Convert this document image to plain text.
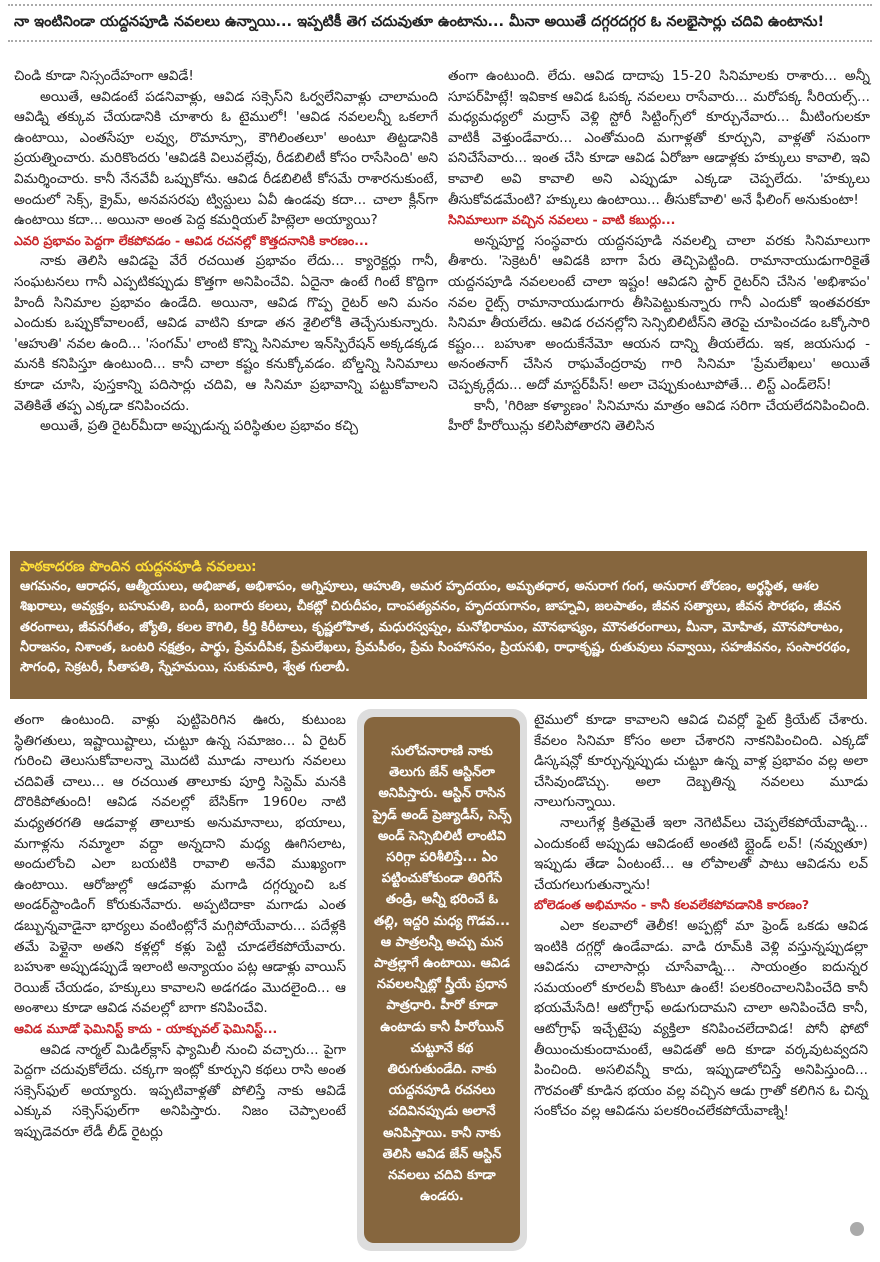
నా ఇంటినిండా యద్దనపూడి నవలలు ఉన్నాయి... ఇప్పటికీ తెగ చదువుతూ ఉంటాను... మీనా అయితే దగ్గరదగ్గర ఓ నలభైసార్లు చదివి ఉంటాను!

చిండి కూడా నిస్సందేహంగా ఆవిడే!

అయితే, ఆవిడంటే పడనివాళ్లు, ఆవిడ సక్సెస్‌ని ఓర్వలేనివాళ్లు చాలామంది ఆవిడ్ని తక్కువ చేయడానికి చూశారు ఓ టైములో! 'ఆవిడ నవలలన్నీ ఒకలాగే ఉంటాయి, ఎంతసేపూ లవ్వు, రొమాన్సూ, కౌగిలింతలూ' అంటూ తిట్టడానికి ప్రయత్నించారు. మరికొందరు 'ఆవిడకి విలువల్లేవు, రీడబిలిటీ కోసం రాసేసింది' అని విమర్శించారు. కానీ నేనవేవీ ఒప్పుకోను. ఆవిడ రీడబిలిటీ కోసమే రాశారనుకుంటే, అందులో సెక్స్, క్రైమ్, అనవసరపు ట్విస్టులు ఏవీ ఉండవు కదా... చాలా క్లీన్‌గా ఉంటాయి కదా... అయినా అంత పెద్ద కమర్షియల్ హిట్లెలా అయ్యాయి?

ఎవరి ప్రభావం పెద్దగా లేకపోవడం - ఆవిడ రచనల్లో కొత్తదనానికి కారణం...

నాకు తెలిసి ఆవిడపై వేరే రచయిత ప్రభావం లేదు... క్యారెక్టర్లు గానీ, సంఘటనలు గానీ ఎప్పటికప్పుడు కొత్తగా అనిపించేవి. ఏదైనా ఉంటే గింటే కొద్దిగా హిందీ సినిమాల ప్రభావం ఉండేది. అయినా, ఆవిడ గొప్ప రైటర్ అని మనం ఎందుకు ఒప్పుకోవాలంటే, ఆవిడ వాటిని కూడా తన శైలిలోకి తెచ్చేసుకున్నారు. 'ఆహుతి' నవల ఉంది... 'సంగమ్' లాంటి కొన్ని సినిమాల ఇన్‌స్పిరేషన్ అక్కడక్కడ మనకి కనిపిస్తూ ఉంటుంది... కానీ చాలా కష్టం కనుక్కోవడం. బోల్డన్ని సినిమాలు కూడా చూసి, పుస్తకాన్ని పదిసార్లు చదివి, ఆ సినిమా ప్రభావాన్ని పట్టుకోవాలని వెతికితే తప్ప ఎక్కడా కనిపించదు.

అయితే, ప్రతి రైటర్‌మీదా అప్పుడున్న పరిస్థితుల ప్రభావం కచ్చి

తంగా ఉంటుంది. లేదు. ఆవిడ దాదాపు 15-20 సినిమాలకు రాశారు... అన్నీ సూపర్‌హిట్లే! ఇవికాక ఆవిడ ఓపక్క నవలలు రాసేవారు... మరోపక్క సీరియల్స్... మధ్యమధ్యలో మద్రాస్ వెళ్లి స్టోరీ సిట్టింగ్స్‌లో కూర్చునేవారు... మీటింగులకూ వాటికీ వెళ్తుండేవారు... ఎంతోమంది మగాళ్లతో కూర్చుని, వాళ్లతో సమంగా పనిచేసేవారు... ఇంత చేసి కూడా ఆవిడ ఏరోజూ ఆడాళ్లకు హక్కులు కావాలి, ఇవి కావాలి అవి కావాలి అని ఎప్పుడూ ఎక్కడా చెప్పలేదు. 'హక్కులు తీసుకోవడమేంటి? హక్కులు ఉంటాయి... తీసుకోవాలి' అనే ఫీలింగ్ అనుకుంటా!

సినిమాలుగా వచ్చిన నవలలు - వాటి కబుర్లు...

అన్నపూర్ణ సంస్థవారు యద్దనపూడి నవలల్ని చాలా వరకు సినిమాలుగా తీశారు. 'సెక్రెటరీ' ఆవిడకి బాగా పేరు తెచ్చిపెట్టింది. రామానాయుడుగారికైతే యద్దనపూడి నవలలంటే చాలా ఇష్టం! ఆవిడని స్టార్ రైటర్‌ని చేసిన 'అభిశాపం' నవల రైట్స్ రామానాయుడుగారు తీసిపెట్టుకున్నారు గానీ ఎందుకో ఇంతవరకూ సినిమా తీయలేదు. ఆవిడ రచనల్లోని సెన్సిబిలిటీస్‌ని తెరపై చూపించడం ఒక్కోసారి కష్టం... బహుశా అందుకేనేమో ఆయన దాన్ని తీయలేదు. ఇక, జయసుధ - అనంతనాగ్ చేసిన రాఘవేంద్రరావు గారి సినిమా 'ప్రేమలేఖలు' అయితే చెప్పక్కర్లేదు... అదో మాస్టర్‌పీస్! అలా చెప్పుకుంటూపోతే... లిస్ట్ ఎండ్‌లెస్!

కానీ, 'గిరిజా కళ్యాణం' సినిమాను మాత్రం ఆవిడ సరిగా చేయలేదనిపించింది. హీరో హీరోయిన్లు కలిసిపోతారని తెలిసిన

పాఠకాదరణ పొందిన యద్దనపూడి నవలలు:

ఆగమనం, ఆరాధన, ఆత్మీయులు, అభిజాత, అభిశాపం, అగ్నిపూలు, ఆహుతి, అమర హృదయం, అమృతధార, అనురాగ గంగ, అనురాగ తోరణం, అర్థస్థిత, ఆశల శిఖరాలు, అవ్యక్తం, బహుమతి, బందీ, బంగారు కలలు, చీకట్లో చిరుదీపం, దాంపత్యవనం, హృదయగానం, జాహ్నవి, జలపాతం, జీవన సత్యాలు, జీవన సౌరభం, జీవన తరంగాలు, జీవనగీతం, జ్యోతి, కలల కౌగిలి, కీర్తి కిరీటాలు, కృష్ణలోహిత, మధురస్వప్నం, మనోభిరామం, మౌనభాష్యం, మౌనతరంగాలు, మీనా, మోహిత, మౌనపోరాటం, నీరాజనం, నిశాంత, ఒంటరి నక్షత్రం, పార్థు, ప్రేమదీపిక, ప్రేమలేఖలు, ప్రేమపీఠం, ప్రేమ సింహాసనం, ప్రియసఖి, రాధాకృష్ణ, రుతువులు నవ్వాయి, సహజీవనం, సంసారరథం, సౌగంధి, సెక్రటరీ, సీతాపతి, స్నేహమయి, సుకుమారి, శ్వేత గులాబీ.

తంగా ఉంటుంది. వాళ్లు పుట్టిపెరిగిన ఊరు, కుటుంబ స్థితిగతులు, ఇష్టాయిష్టాలు, చుట్టూ ఉన్న సమాజం... ఏ రైటర్ గురించి తెలుసుకోవాలన్నా మొదటి మూడు నాలుగు నవలలు చదివితే చాలు... ఆ రచయిత తాలూకు పూర్తి సిస్టెమ్ మనకి దొరికిపోతుంది! ఆవిడ నవలల్లో బేసిక్‌గా 1960ల నాటి మధ్యతరగతి ఆడవాళ్ల తాలూకు అనుమానాలు, భయాలు, మగాళ్లను నమ్మాలా వద్దా అన్నదాని మధ్య ఊగిసలాట, అందులోంచి ఎలా బయటికి రావాలి అనేవి ముఖ్యంగా ఉంటాయి. ఆరోజుల్లో ఆడవాళ్లు మగాడి దగ్గర్నుంచి ఒక అండర్‌స్టాండింగ్ కోరుకునేవారు. అప్పటిదాకా మగాడు ఎంత డబ్బున్నవాడైనా భార్యలు వంటింట్లోనే మగ్గిపోయేవారు... పదేళ్లకి తమే పెళ్లైనా అతని కళ్లల్లో కళ్లు పెట్టి చూడలేకపోయేవారు. బహుశా అప్పుడప్పుడే ఇలాంటి అన్యాయం పట్ల ఆడాళ్లు వాయిస్ రెయిజ్ చేయడం, హక్కులు కావాలని అడగడం మొదలైంది... ఆ అంశాలు కూడా ఆవిడ నవలల్లో బాగా కనిపించేవి.

ఆవిడ మూడో ఫెమినిస్ట్ కాదు - యాక్చువల్ ఫెమినిస్ట్...

ఆవిడ నార్మల్ మిడిల్‌క్లాస్ ఫ్యామిలీ నుంచి వచ్చారు... పైగా పెద్దగా చదువుకోలేదు. చక్కగా ఇంట్లో కూర్చుని కథలు రాసి అంత సక్సెస్‌ఫుల్ అయ్యారు. ఇప్పటివాళ్లతో పోలిస్తే నాకు ఆవిడే ఎక్కువ సక్సెస్‌ఫుల్‌గా అనిపిస్తారు. నిజం చెప్పాలంటే ఇప్పుడెవరూ లేడీ లీడ్ రైటర్లు

సులోచనారాణి నాకు తెలుగు జేన్ ఆస్టిన్‌లా అనిపిస్తారు. ఆస్టిన్ రాసిన ప్రైడ్ అండ్ ప్రెజ్యుడీస్, సెన్స్ అండ్ సెన్సిబిలిటీ లాంటివి సరిగ్గా పరిశీలిస్తే... ఏం పట్టించుకోకుండా తిరిగేసే తండ్రి, అన్నీ భరించే ఓ తల్లి, ఇద్దరి మధ్య గొడవ... ఆ పాత్రలన్నీ అచ్చు మన పాత్రల్లాగే ఉంటాయి. ఆవిడ నవలలన్నీట్లో స్త్రీయే ప్రధాన పాత్రధారి. హీరో కూడా ఉంటాడు కానీ హీరోయిన్ చుట్టూనే కథ తిరుగుతుండేది. నాకు యద్దనపూడి రచనలు చదివినప్పుడు అలానే అనిపిస్తాయి. కానీ నాకు తెలిసి ఆవిడ జేన్ ఆస్టిన్ నవలలు చదివి కూడా ఉండరు.

టైములో కూడా కావాలని ఆవిడ చివర్లో ఫైట్ క్రియేట్ చేశారు. కేవలం సినిమా కోసం అలా చేశారని నాకనిపించింది. ఎక్కడో డిస్కషన్లో కూర్చున్నప్పుడు చుట్టూ ఉన్న వాళ్ల ప్రభావం వల్ల అలా చేసివుండొచ్చు. అలా దెబ్బతిన్న నవలలు మూడు నాలుగున్నాయి.

నాలుగేళ్ల క్రితమైతే ఇలా నెగెటివ్‌లు చెప్పలేకపోయేవాడ్ని... ఎందుకంటే అప్పుడు ఆవిడంటే అంతటి బ్లైండ్ లవ్! (నవ్వుతూ) ఇప్పుడు తేడా ఏంటంటే... ఆ లోపాలతో పాటు ఆవిడను లవ్ చేయగలుగుతున్నాను!

బోలెడంత అభిమానం - కానీ కలవలేకపోవడానికి కారణం?

ఎలా కలవాలో తెలీక! అప్పట్లో మా ఫ్రెండ్ ఒకడు ఆవిడ ఇంటికి దగ్గర్లో ఉండేవాడు. వాడి రూమ్‌కి వెళ్లి వస్తున్నప్పుడల్లా ఆవిడను చాలాసార్లు చూసేవాడ్ని... సాయంత్రం ఐదున్నర సమయంలో కూరలవీ కొంటూ ఉంటే! పలకరించాలనిపించేది కానీ భయమేసేది! ఆటోగ్రాఫ్ అడుగుదామని చాలా అనిపించేది కానీ, ఆటోగ్రాఫ్ ఇచ్చేటైపు వ్యక్తిలా కనిపించలేదావిడ! పోనీ ఫోటో తీయించుకుందామంటే, ఆవిడతో అది కూడా వర్కవుటవ్వదని పించింది. అసలివన్నీ కాదు, ఇప్పుడాలోచిస్తే అనిపిస్తుంది... గౌరవంతో కూడిన భయం వల్ల వచ్చిన ఆడు గ్రాతో కలిగిన ఓ చిన్న సంకోచం వల్ల ఆవిడను పలకరించలేకపోయేవాణ్ని!
